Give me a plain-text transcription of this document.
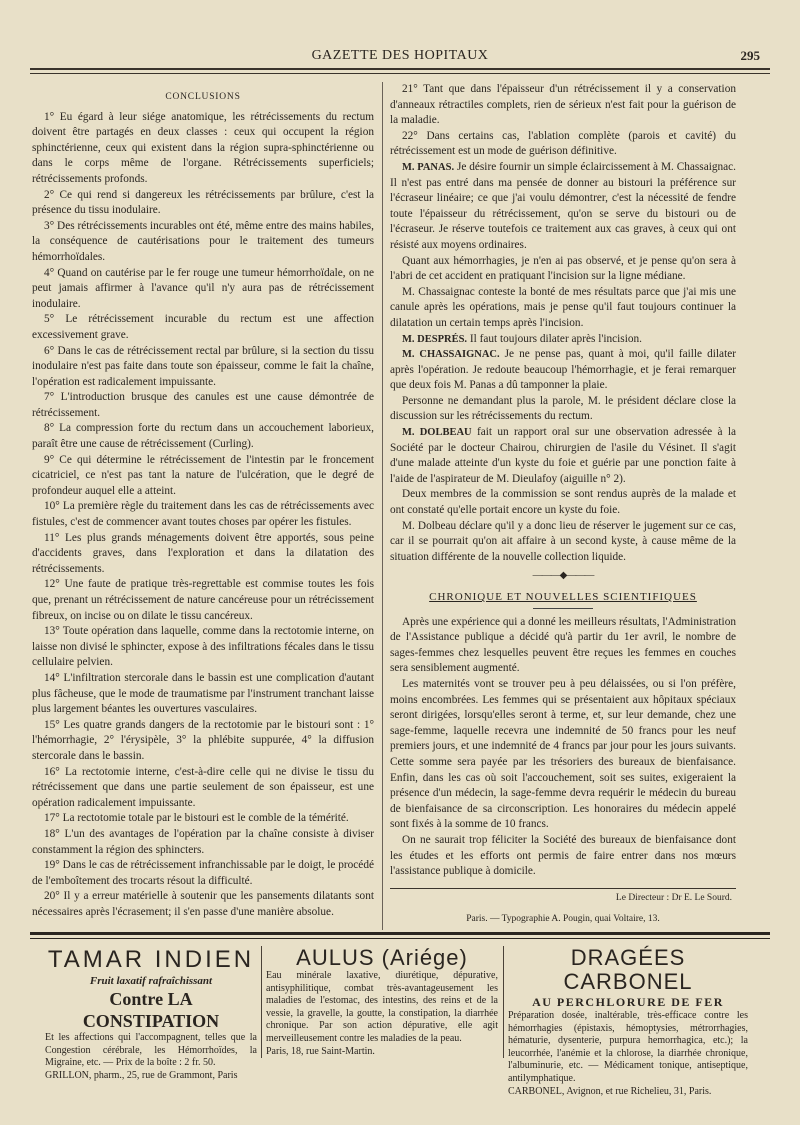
GAZETTE DES HOPITAUX	295

CONCLUSIONS

1° Eu égard à leur siége anatomique, les rétrécissements du rectum doivent être partagés en deux classes : ceux qui occupent la région sphinctérienne, ceux qui existent dans la région supra-sphinctérienne ou dans le corps même de l'organe. Rétrécissements superficiels; rétrécissements profonds.

2° Ce qui rend si dangereux les rétrécissements par brûlure, c'est la présence du tissu inodulaire.

3° Des rétrécissements incurables ont été, même entre des mains habiles, la conséquence de cautérisations pour le traitement des tumeurs hémorrhoïdales.

4° Quand on cautérise par le fer rouge une tumeur hémorrhoïdale, on ne peut jamais affirmer à l'avance qu'il n'y aura pas de rétrécissement inodulaire.

5° Le rétrécissement incurable du rectum est une affection excessivement grave.

6° Dans le cas de rétrécissement rectal par brûlure, si la section du tissu inodulaire n'est pas faite dans toute son épaisseur, comme le fait la chaîne, l'opération est radicalement impuissante.

7° L'introduction brusque des canules est une cause démontrée de rétrécissement.

8° La compression forte du rectum dans un accouchement laborieux, paraît être une cause de rétrécissement (Curling).

9° Ce qui détermine le rétrécissement de l'intestin par le froncement cicatriciel, ce n'est pas tant la nature de l'ulcération, que le degré de profondeur auquel elle a atteint.

10° La première règle du traitement dans les cas de rétrécissements avec fistules, c'est de commencer avant toutes choses par opérer les fistules.

11° Les plus grands ménagements doivent être apportés, sous peine d'accidents graves, dans l'exploration et dans la dilatation des rétrécissements.

12° Une faute de pratique très-regrettable est commise toutes les fois que, prenant un rétrécissement de nature cancéreuse pour un rétrécissement fibreux, on incise ou on dilate le tissu cancéreux.

13° Toute opération dans laquelle, comme dans la rectotomie interne, on laisse non divisé le sphincter, expose à des infiltrations fécales dans le tissu cellulaire pelvien.

14° L'infiltration stercorale dans le bassin est une complication d'autant plus fâcheuse, que le mode de traumatisme par l'instrument tranchant laisse plus largement béantes les ouvertures vasculaires.

15° Les quatre grands dangers de la rectotomie par le bistouri sont : 1° l'hémorrhagie, 2° l'érysipèle, 3° la phlébite suppurée, 4° la diffusion stercorale dans le bassin.

16° La rectotomie interne, c'est-à-dire celle qui ne divise le tissu du rétrécissement que dans une partie seulement de son épaisseur, est une opération radicalement impuissante.

17° La rectotomie totale par le bistouri est le comble de la témérité.

18° L'un des avantages de l'opération par la chaîne consiste à diviser constamment la région des sphincters.

19° Dans le cas de rétrécissement infranchissable par le doigt, le procédé de l'emboîtement des trocarts résout la difficulté.

20° Il y a erreur matérielle à soutenir que les pansements dilatants sont nécessaires après l'écrasement; il s'en passe d'une manière absolue.

21° Tant que dans l'épaisseur d'un rétrécissement il y a conservation d'anneaux rétractiles complets, rien de sérieux n'est fait pour la guérison de la maladie.

22° Dans certains cas, l'ablation complète (parois et cavité) du rétrécissement est un mode de guérison définitive.

M. PANAS. Je désire fournir un simple éclaircissement à M. Chassaignac. Il n'est pas entré dans ma pensée de donner au bistouri la préférence sur l'écraseur linéaire; ce que j'ai voulu démontrer, c'est la nécessité de fendre toute l'épaisseur du rétrécissement, qu'on se serve du bistouri ou de l'écraseur. Je réserve toutefois ce traitement aux cas graves, à ceux qui ont résisté aux moyens ordinaires.

Quant aux hémorrhagies, je n'en ai pas observé, et je pense qu'on sera à l'abri de cet accident en pratiquant l'incision sur la ligne médiane.

M. Chassaignac conteste la bonté de mes résultats parce que j'ai mis une canule après les opérations, mais je pense qu'il faut toujours continuer la dilatation un certain temps après l'incision.

M. DESPRÉS. Il faut toujours dilater après l'incision.

M. CHASSAIGNAC. Je ne pense pas, quant à moi, qu'il faille dilater après l'opération. Je redoute beaucoup l'hémorrhagie, et je ferai remarquer que deux fois M. Panas a dû tamponner la plaie.

Personne ne demandant plus la parole, M. le président déclare close la discussion sur les rétrécissements du rectum.

M. DOLBEAU fait un rapport oral sur une observation adressée à la Société par le docteur Chairou, chirurgien de l'asile du Vésinet. Il s'agit d'une malade atteinte d'un kyste du foie et guérie par une ponction faite à l'aide de l'aspirateur de M. Dieulafoy (aiguille n° 2).

Deux membres de la commission se sont rendus auprès de la malade et ont constaté qu'elle portait encore un kyste du foie.

M. Dolbeau déclare qu'il y a donc lieu de réserver le jugement sur ce cas, car il se pourrait qu'on ait affaire à un second kyste, à cause même de la situation différente de la nouvelle collection liquide.

———◆———
CHRONIQUE ET NOUVELLES SCIENTIFIQUES

Après une expérience qui a donné les meilleurs résultats, l'Administration de l'Assistance publique a décidé qu'à partir du 1er avril, le nombre de sages-femmes chez lesquelles peuvent être reçues les femmes en couches sera sensiblement augmenté.

Les maternités vont se trouver peu à peu délaissées, ou si l'on préfère, moins encombrées. Les femmes qui se présentaient aux hôpitaux spéciaux seront dirigées, lorsqu'elles seront à terme, et, sur leur demande, chez une sage-femme, laquelle recevra une indemnité de 50 francs pour les neuf premiers jours, et une indemnité de 4 francs par jour pour les jours suivants. Cette somme sera payée par les trésoriers des bureaux de bienfaisance. Enfin, dans les cas où soit l'accouchement, soit ses suites, exigeraient la présence d'un médecin, la sage-femme devra requérir le médecin du bureau de bienfaisance de sa circonscription. Les honoraires du médecin appelé sont fixés à la somme de 10 francs.

On ne saurait trop féliciter la Société des bureaux de bienfaisance dont les études et les efforts ont permis de faire entrer dans nos mœurs l'assistance publique à domicile.

Le Directeur : Dr E. Le Sourd.
Paris. — Typographie A. Pougin, quai Voltaire, 13.
TAMAR INDIEN
Fruit laxatif rafraîchissant
Contre LA CONSTIPATION
Et les affections qui l'accompagnent, telles que la Congestion cérébrale, les Hémorrhoïdes, la Migraine, etc. — Prix de la boîte : 2 fr. 50.
GRILLON, pharm., 25, rue de Grammont, Paris
AULUS (Ariége)
Eau minérale laxative, diurétique, dépurative, antisyphilitique, combat très-avantageusement les maladies de l'estomac, des intestins, des reins et de la vessie, la gravelle, la goutte, la constipation, la diarrhée chronique. Par son action dépurative, elle agit merveilleusement contre les maladies de la peau.
Paris, 18, rue Saint-Martin.
DRAGÉES CARBONEL
AU PERCHLORURE DE FER
Préparation dosée, inaltérable, très-efficace contre les hémorrhagies (épistaxis, hémoptysies, métrorrhagies, hématurie, dysenterie, purpura hemorrhagica, etc.); la leucorrhée, l'anémie et la chlorose, la diarrhée chronique, l'albuminurie, etc. — Médicament tonique, antiseptique, antilymphatique.
CARBONEL, Avignon, et rue Richelieu, 31, Paris.
